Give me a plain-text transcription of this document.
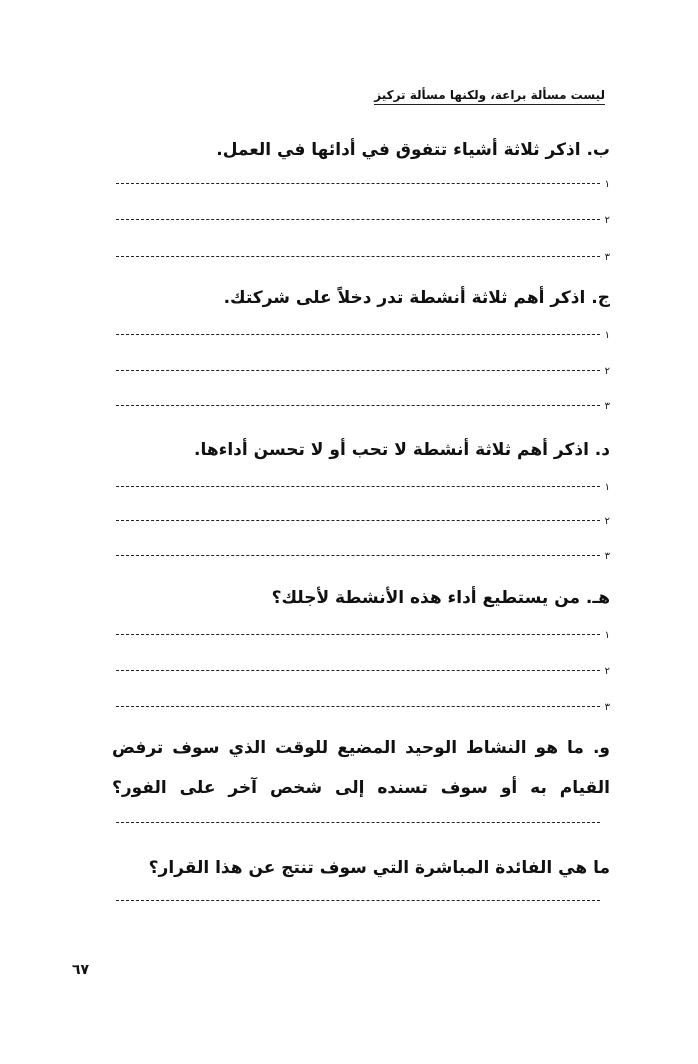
ليست مسألة براعة، ولكنها مسألة تركيز
ب. اذكر ثلاثة أشياء تتفوق في أدائها في العمل.
١
٢
٣
ج. اذكر أهم ثلاثة أنشطة تدر دخلاً على شركتك.
١
٢
٣
د. اذكر أهم ثلاثة أنشطة لا تحب أو لا تحسن أداءها.
١
٢
٣
هـ. من يستطيع أداء هذه الأنشطة لأجلك؟
١
٢
٣
و. ما هو النشاط الوحيد المضيع للوقت الذي سوف ترفض القيام به أو سوف تسنده إلى شخص آخر على الفور؟
ما هي الفائدة المباشرة التي سوف تنتج عن هذا القرار؟
٦٧
